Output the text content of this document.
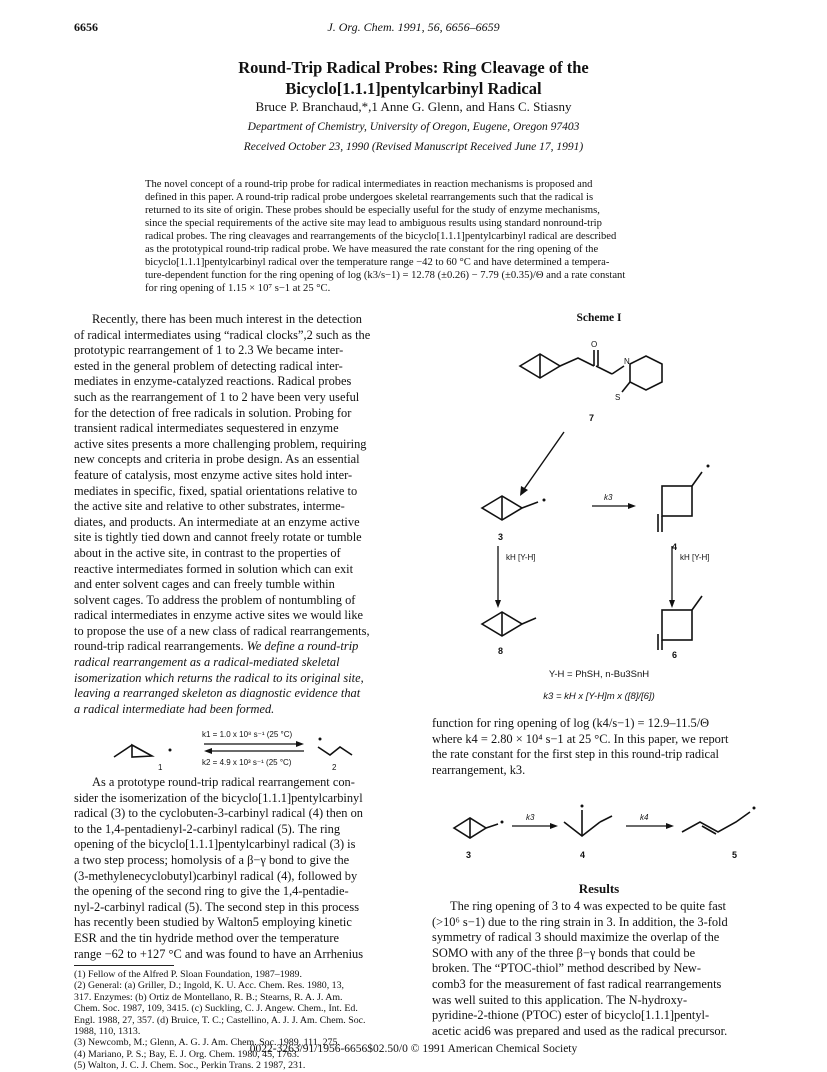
6656	J. Org. Chem. 1991, 56, 6656–6659
Round-Trip Radical Probes: Ring Cleavage of the
Bicyclo[1.1.1]pentylcarbinyl Radical
Bruce P. Branchaud,*,1 Anne G. Glenn, and Hans C. Stiasny
Department of Chemistry, University of Oregon, Eugene, Oregon 97403
Received October 23, 1990 (Revised Manuscript Received June 17, 1991)
The novel concept of a round-trip probe for radical intermediates in reaction mechanisms is proposed and
defined in this paper. A round-trip radical probe undergoes skeletal rearrangements such that the radical is
returned to its site of origin. These probes should be especially useful for the study of enzyme mechanisms,
since the special requirements of the active site may lead to ambiguous results using standard nonround-trip
radical probes. The ring cleavages and rearrangements of the bicyclo[1.1.1]pentylcarbinyl radical are described
as the prototypical round-trip radical probe. We have measured the rate constant for the ring opening of the
bicyclo[1.1.1]pentylcarbinyl radical over the temperature range −42 to 60 °C and have determined a tempera-
ture-dependent function for the ring opening of log (k3/s−1) = 12.78 (±0.26) − 7.79 (±0.35)/Θ and a rate constant
for ring opening of 1.15 × 10⁷ s−1 at 25 °C.
Recently, there has been much interest in the detection
of radical intermediates using “radical clocks”,2 such as the
prototypic rearrangement of 1 to 2.3 We became inter-
ested in the general problem of detecting radical inter-
mediates in enzyme-catalyzed reactions. Radical probes
such as the rearrangement of 1 to 2 have been very useful
for the detection of free radicals in solution. Probing for
transient radical intermediates sequestered in enzyme
active sites presents a more challenging problem, requiring
new concepts and criteria in probe design. As an essential
feature of catalysis, most enzyme active sites hold inter-
mediates in specific, fixed, spatial orientations relative to
the active site and relative to other substrates, interme-
diates, and products. An intermediate at an enzyme active
site is tightly tied down and cannot freely rotate or tumble
about in the active site, in contrast to the properties of
reactive intermediates formed in solution which can exit
and enter solvent cages and can freely tumble within
solvent cages. To address the problem of nontumbling of
radical intermediates in enzyme active sites we would like
to propose the use of a new class of radical rearrangements,
round-trip radical rearrangements. We define a round-trip
radical rearrangement as a radical-mediated skeletal
isomerization which returns the radical to its original site,
leaving a rearranged skeleton as diagnostic evidence that
a radical intermediate had been formed.
1
k1 = 1.0 x 10⁸ s⁻¹ (25 °C)
k2 = 4.9 x 10³ s⁻¹ (25 °C)
2
As a prototype round-trip radical rearrangement con-
sider the isomerization of the bicyclo[1.1.1]pentylcarbinyl
radical (3) to the cyclobuten-3-carbinyl radical (4) then on
to the 1,4-pentadienyl-2-carbinyl radical (5). The ring
opening of the bicyclo[1.1.1]pentylcarbinyl radical (3) is
a two step process; homolysis of a β−γ bond to give the
(3-methylenecyclobutyl)carbinyl radical (4), followed by
the opening of the second ring to give the 1,4-pentadie-
nyl-2-carbinyl radical (5). The second step in this process
has recently been studied by Walton5 employing kinetic
ESR and the tin hydride method over the temperature
range −62 to +127 °C and was found to have an Arrhenius
(1) Fellow of the Alfred P. Sloan Foundation, 1987–1989.
(2) General: (a) Griller, D.; Ingold, K. U. Acc. Chem. Res. 1980, 13,
317. Enzymes: (b) Ortiz de Montellano, R. B.; Stearns, R. A. J. Am.
Chem. Soc. 1987, 109, 3415. (c) Suckling, C. J. Angew. Chem., Int. Ed.
Engl. 1988, 27, 357. (d) Bruice, T. C.; Castellino, A. J. J. Am. Chem. Soc.
1988, 110, 1313.
(3) Newcomb, M.; Glenn, A. G. J. Am. Chem. Soc. 1989, 111, 275.
(4) Mariano, P. S.; Bay, E. J. Org. Chem. 1980, 45, 1763.
(5) Walton, J. C. J. Chem. Soc., Perkin Trans. 2 1987, 231.
Scheme I
O
N
S
7
3
k3
4
kH [Y-H]	kH [Y-H]
8	6
Y-H = PhSH, n-Bu3SnH
k3 = kH x [Y-H]m x ([8]/[6])
function for ring opening of log (k4/s−1) = 12.9–11.5/Θ
where k4 = 2.80 × 10⁴ s−1 at 25 °C. In this paper, we report
the rate constant for the first step in this round-trip radical
rearrangement, k3.
3
k3
4
k4
5
Results
The ring opening of 3 to 4 was expected to be quite fast
(>10⁶ s−1) due to the ring strain in 3. In addition, the 3-fold
symmetry of radical 3 should maximize the overlap of the
SOMO with any of the three β−γ bonds that could be
broken. The “PTOC-thiol” method described by New-
comb3 for the measurement of fast radical rearrangements
was well suited to this application. The N-hydroxy-
pyridine-2-thione (PTOC) ester of bicyclo[1.1.1]pentyl-
acetic acid6 was prepared and used as the radical precursor.
0022-3263/91/1956-6656$02.50/0 © 1991 American Chemical Society
